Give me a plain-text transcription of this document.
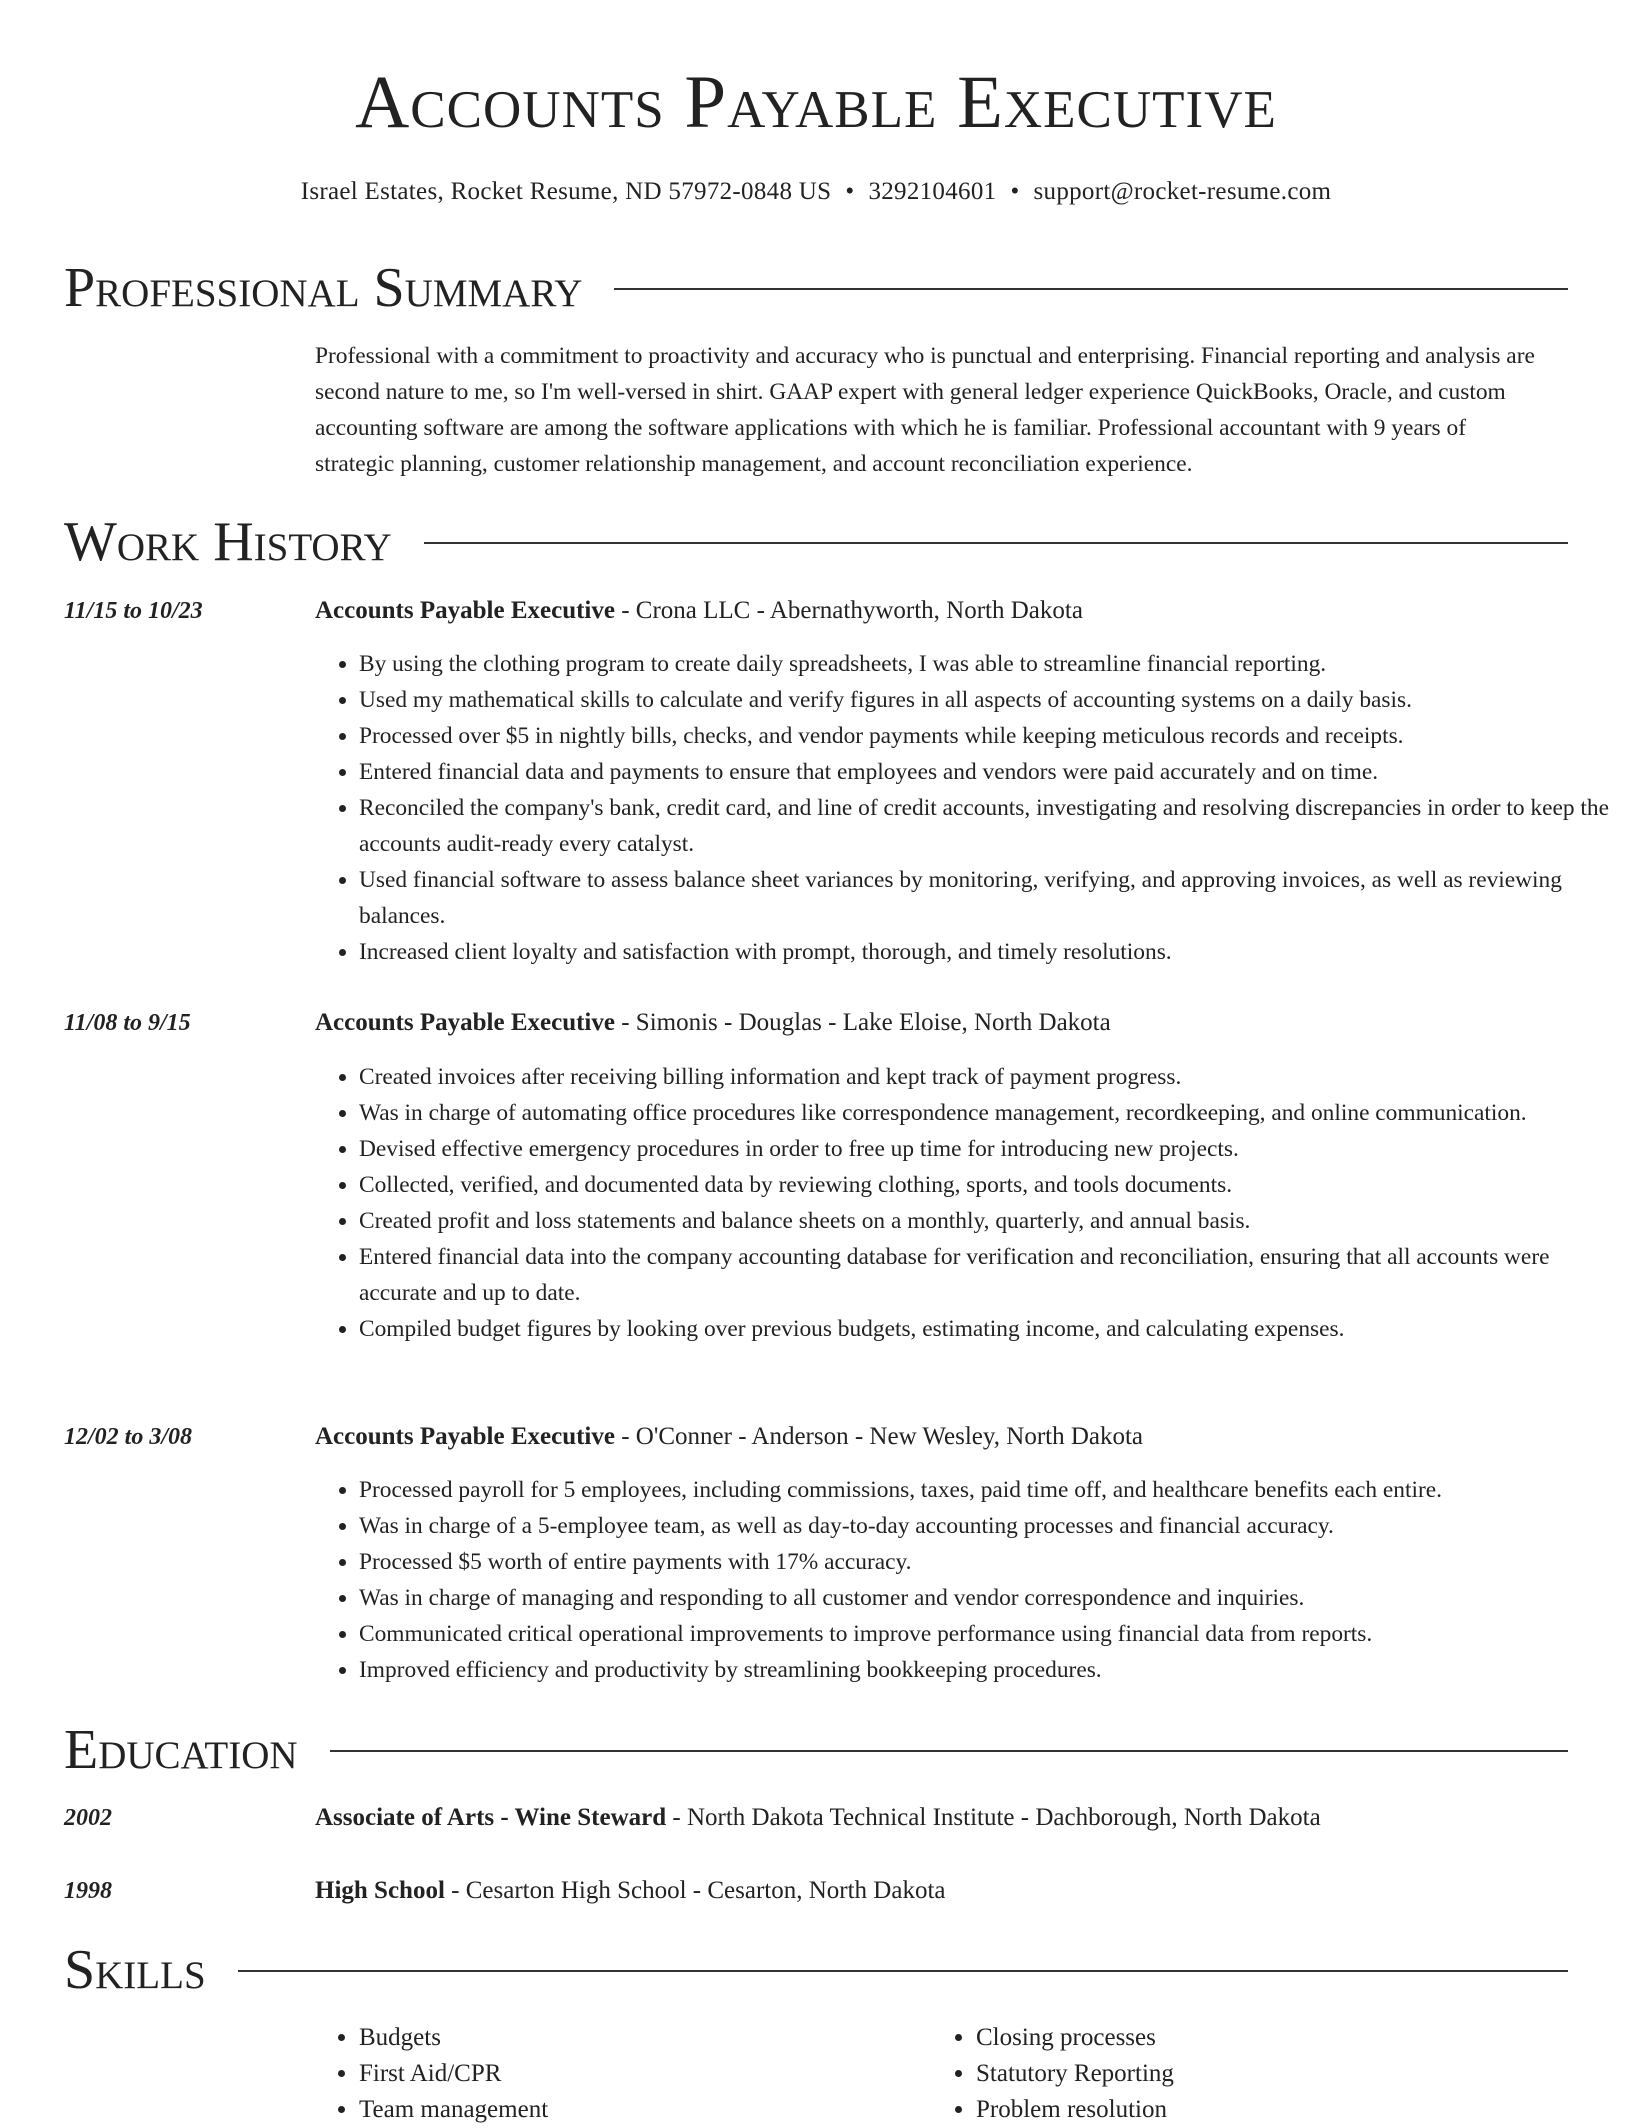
Accounts Payable Executive
Israel Estates, Rocket Resume, ND 57972-0848 US • 3292104601 • support@rocket-resume.com
Professional Summary
Professional with a commitment to proactivity and accuracy who is punctual and enterprising. Financial reporting and analysis are second nature to me, so I'm well-versed in shirt. GAAP expert with general ledger experience QuickBooks, Oracle, and custom accounting software are among the software applications with which he is familiar. Professional accountant with 9 years of strategic planning, customer relationship management, and account reconciliation experience.
Work History
11/15 to 10/23	Accounts Payable Executive - Crona LLC - Abernathyworth, North Dakota
• By using the clothing program to create daily spreadsheets, I was able to streamline financial reporting.
• Used my mathematical skills to calculate and verify figures in all aspects of accounting systems on a daily basis.
• Processed over $5 in nightly bills, checks, and vendor payments while keeping meticulous records and receipts.
• Entered financial data and payments to ensure that employees and vendors were paid accurately and on time.
• Reconciled the company's bank, credit card, and line of credit accounts, investigating and resolving discrepancies in order to keep the accounts audit-ready every catalyst.
• Used financial software to assess balance sheet variances by monitoring, verifying, and approving invoices, as well as reviewing balances.
• Increased client loyalty and satisfaction with prompt, thorough, and timely resolutions.
11/08 to 9/15	Accounts Payable Executive - Simonis - Douglas - Lake Eloise, North Dakota
• Created invoices after receiving billing information and kept track of payment progress.
• Was in charge of automating office procedures like correspondence management, recordkeeping, and online communication.
• Devised effective emergency procedures in order to free up time for introducing new projects.
• Collected, verified, and documented data by reviewing clothing, sports, and tools documents.
• Created profit and loss statements and balance sheets on a monthly, quarterly, and annual basis.
• Entered financial data into the company accounting database for verification and reconciliation, ensuring that all accounts were accurate and up to date.
• Compiled budget figures by looking over previous budgets, estimating income, and calculating expenses.
12/02 to 3/08	Accounts Payable Executive - O'Conner - Anderson - New Wesley, North Dakota
• Processed payroll for 5 employees, including commissions, taxes, paid time off, and healthcare benefits each entire.
• Was in charge of a 5-employee team, as well as day-to-day accounting processes and financial accuracy.
• Processed $5 worth of entire payments with 17% accuracy.
• Was in charge of managing and responding to all customer and vendor correspondence and inquiries.
• Communicated critical operational improvements to improve performance using financial data from reports.
• Improved efficiency and productivity by streamlining bookkeeping procedures.
Education
2002	Associate of Arts - Wine Steward - North Dakota Technical Institute - Dachborough, North Dakota
1998	High School - Cesarton High School - Cesarton, North Dakota
Skills
• Budgets
• First Aid/CPR
• Team management
• Closing processes
• Statutory Reporting
• Problem resolution
